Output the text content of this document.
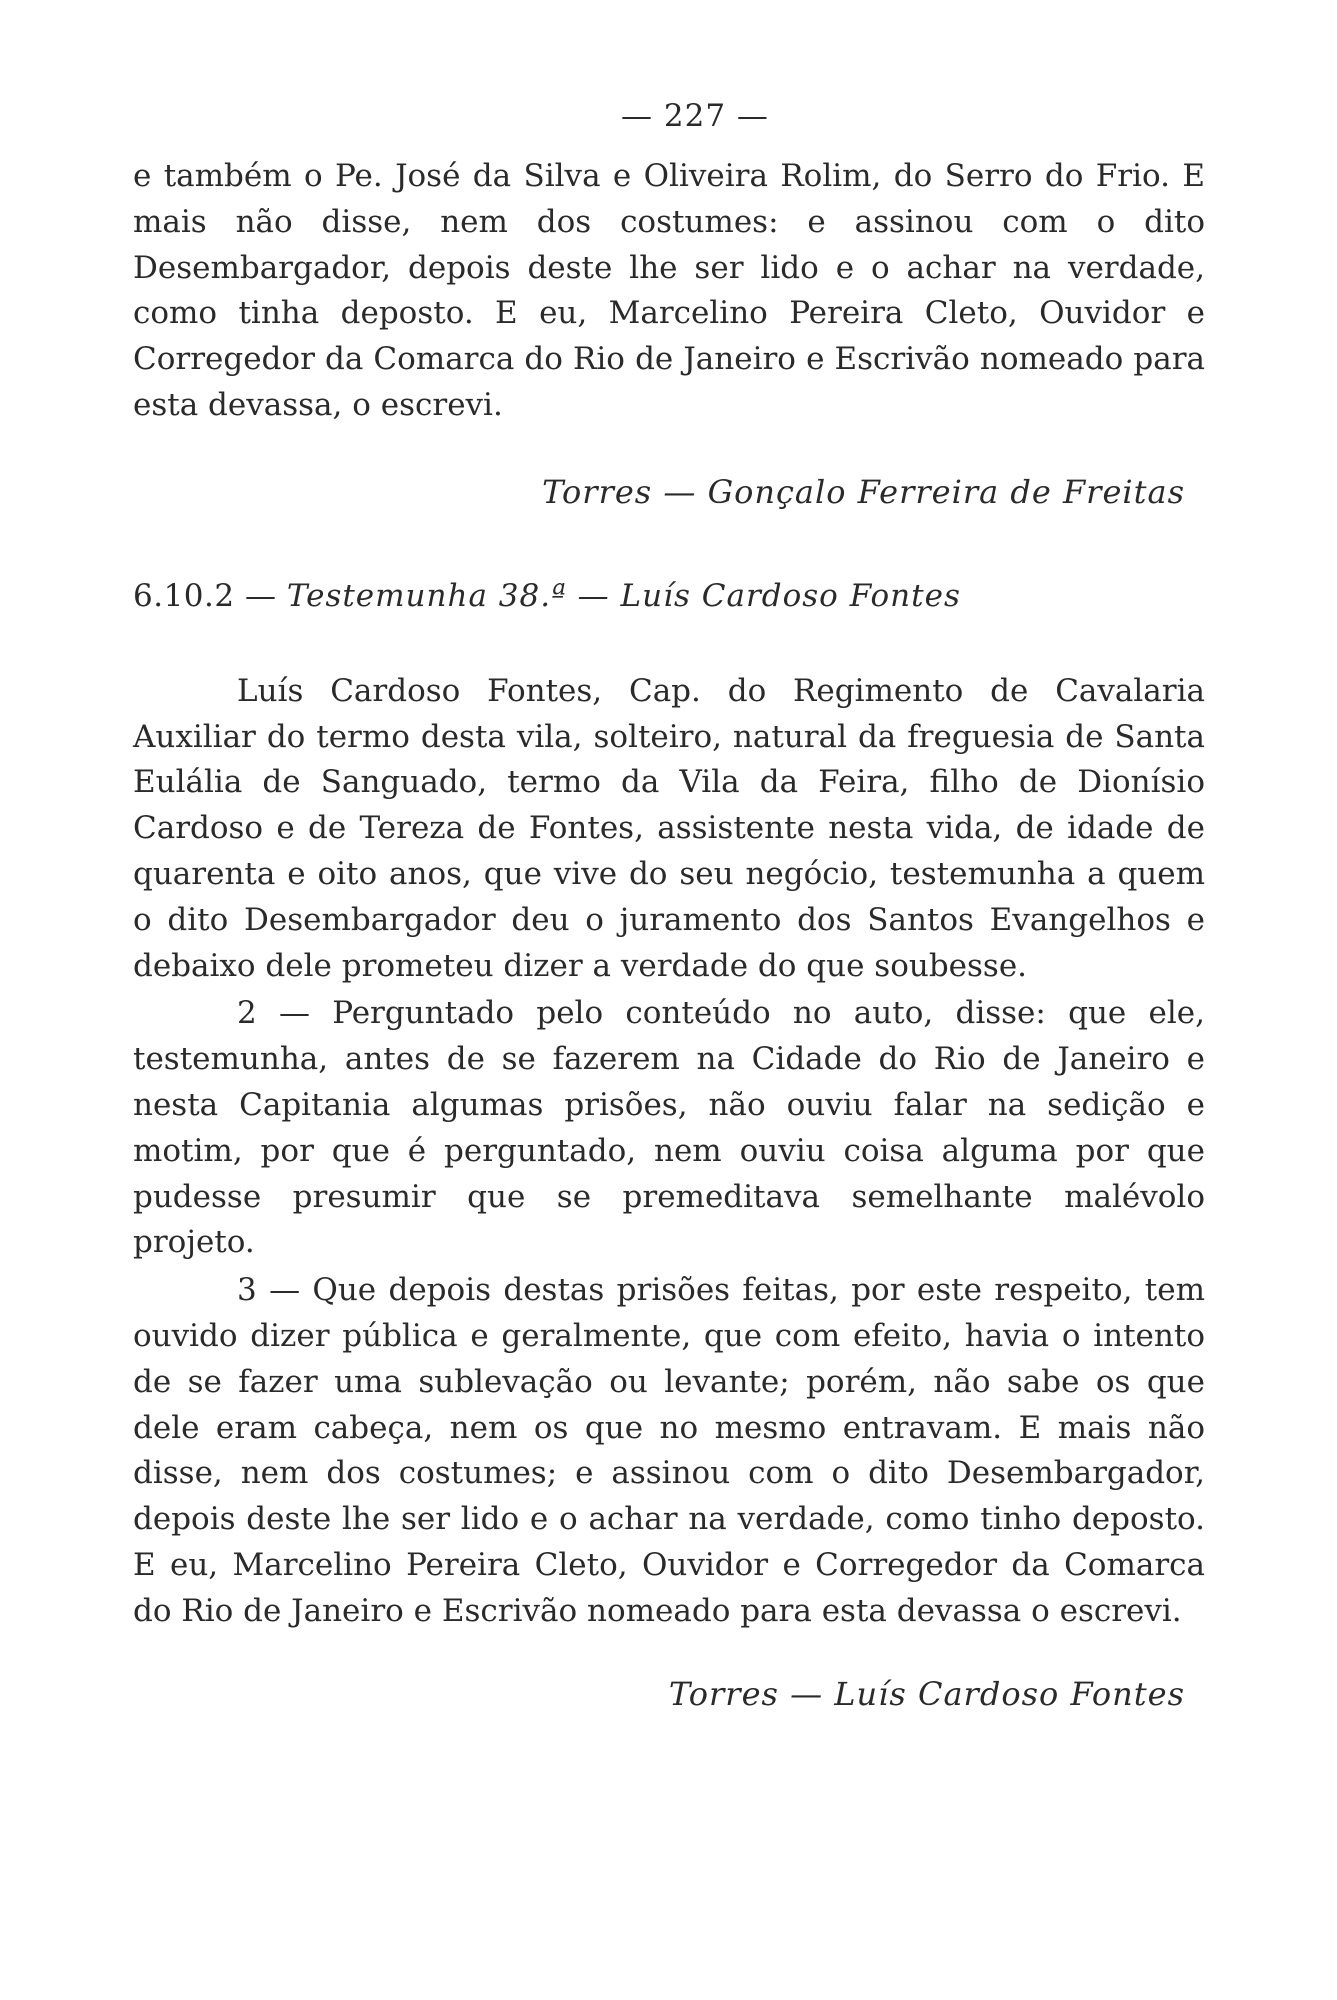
— 227 —

e também o Pe. José da Silva e Oliveira Rolim, do Serro do Frio. E mais não disse, nem dos costumes: e assinou com o dito Desembargador, depois deste lhe ser lido e o achar na verdade, como tinha deposto. E eu, Marcelino Pereira Cleto, Ouvidor e Corregedor da Comarca do Rio de Janeiro e Escrivão nomeado para esta devassa, o escrevi.

Torres — Gonçalo Ferreira de Freitas
6.10.2 — Testemunha 38.ª — Luís Cardoso Fontes

Luís Cardoso Fontes, Cap. do Regimento de Cavalaria Auxiliar do termo desta vila, solteiro, natural da freguesia de Santa Eulália de Sanguado, termo da Vila da Feira, filho de Dionísio Cardoso e de Tereza de Fontes, assistente nesta vida, de idade de quarenta e oito anos, que vive do seu negócio, testemunha a quem o dito Desembargador deu o juramento dos Santos Evangelhos e debaixo dele prometeu dizer a verdade do que soubesse.

2 — Perguntado pelo conteúdo no auto, disse: que ele, testemunha, antes de se fazerem na Cidade do Rio de Janeiro e nesta Capitania algumas prisões, não ouviu falar na sedição e motim, por que é perguntado, nem ouviu coisa alguma por que pudesse presumir que se premeditava semelhante malévolo projeto.

3 — Que depois destas prisões feitas, por este respeito, tem ouvido dizer pública e geralmente, que com efeito, havia o intento de se fazer uma sublevação ou levante; porém, não sabe os que dele eram cabeça, nem os que no mesmo entravam. E mais não disse, nem dos costumes; e assinou com o dito Desembargador, depois deste lhe ser lido e o achar na verdade, como tinho deposto. E eu, Marcelino Pereira Cleto, Ouvidor e Corregedor da Comarca do Rio de Janeiro e Escrivão nomeado para esta devassa o escrevi.

Torres — Luís Cardoso Fontes
